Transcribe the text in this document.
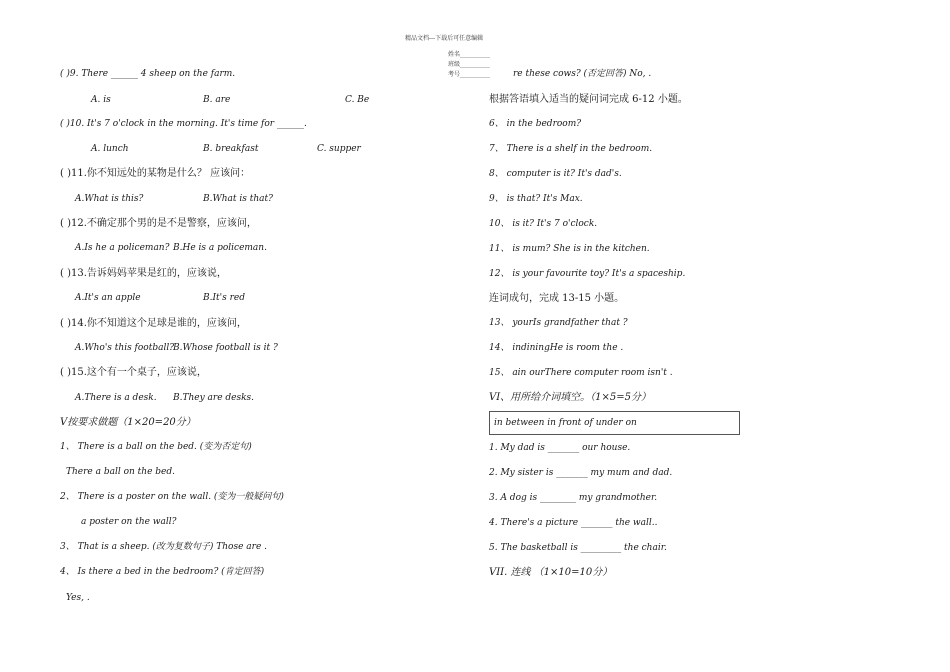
精品文档---下载后可任意编辑
姓名__________
班级__________
考号__________
( )9. There ______ 4 sheep on the farm.
A. is	B. are	C. Be
( )10. It's 7 o'clock in the morning. It's time for ______.
A. lunch	B. breakfast	C. supper
( )11.你不知远处的某物是什么？ 应该问：
A.What is this?	B.What is that?
( )12.不确定那个男的是不是警察，应该问，
A.Is he a policeman? B.He is a policeman.
( )13.告诉妈妈苹果是红的，应该说，
A.It's an apple	B.It's red
( )14.你不知道这个足球是谁的，应该问，
A.Who's this football?
B.Whose football is it ?
( )15.这个有一个桌子，应该说，
A.There is a desk. B.They are desks.
V按要求做题（1×20=20分）
1、 There is a ball on the bed. (变为否定句)
There a ball on the bed.
2、 There is a poster on the wall. (变为一般疑问句)
a poster on the wall?
3、 That is a sheep. (改为复数句子) Those are .
4、 Is there a bed in the bedroom? (肯定回答)
Yes, .
re these cows? (否定回答) No, .
根据答语填入适当的疑问词完成 6-12 小题。
6、 in the bedroom?
7、 There is a shelf in the bedroom.
8、 computer is it? It's dad's.
9、 is that? It's Max.
10、 is it? It's 7 o'clock.
11、 is mum? She is in the kitchen.
12、 is your favourite toy? It's a spaceship.
连词成句，完成 13-15 小题。
13、 yourIs grandfather that ?
14、 indiningHe is room the .
15、 ain ourThere computer room isn't .
VI、用所给介词填空。（1×5=5分）
in between in front of under on
1. My dad is _______ our house.
2. My sister is _______ my mum and dad.
3. A dog is ________ my grandmother.
4. There's a picture _______ the wall..
5. The basketball is _________ the chair.
VII. 连线 （1×10=10分）
